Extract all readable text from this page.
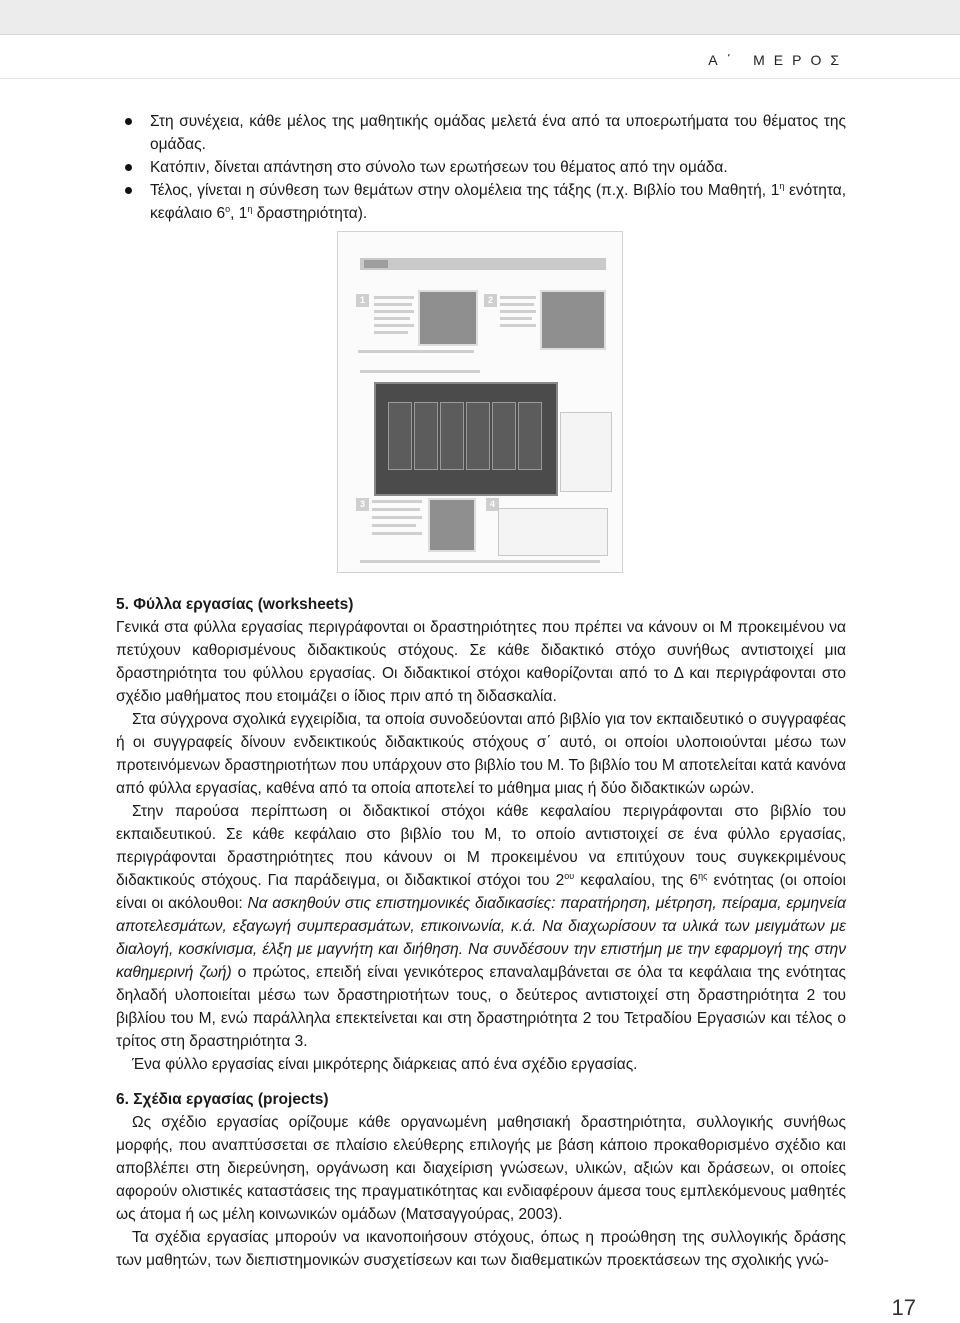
Α΄ ΜΕΡΟΣ
Στη συνέχεια, κάθε μέλος της μαθητικής ομάδας μελετά ένα από τα υποερωτήματα του θέματος της ομάδας.
Κατόπιν, δίνεται απάντηση στο σύνολο των ερωτήσεων του θέματος από την ομάδα.
Τέλος, γίνεται η σύνθεση των θεμάτων στην ολομέλεια της τάξης (π.χ. Βιβλίο του Μαθητή, $1^\eta$ ενότητα, κεφάλαιο $6^o$, $1^\eta$ δραστηριότητα).
1	2
3	4

5. Φύλλα εργασίας (worksheets)

Γενικά στα φύλλα εργασίας περιγράφονται οι δραστηριότητες που πρέπει να κάνουν οι Μ προκειμένου να πετύχουν καθορισμένους διδακτικούς στόχους. Σε κάθε διδακτικό στόχο συνήθως αντιστοιχεί μια δραστηριότητα του φύλλου εργασίας. Οι διδακτικοί στόχοι καθορίζονται από το Δ και περιγράφονται στο σχέδιο μαθήματος που ετοιμάζει ο ίδιος πριν από τη διδασκαλία.

Στα σύγχρονα σχολικά εγχειρίδια, τα οποία συνοδεύονται από βιβλίο για τον εκπαιδευτικό ο συγγραφέας ή οι συγγραφείς δίνουν ενδεικτικούς διδακτικούς στόχους σ΄ αυτό, οι οποίοι υλοποιούνται μέσω των προτεινόμενων δραστηριοτήτων που υπάρχουν στο βιβλίο του Μ. Το βιβλίο του Μ αποτελείται κατά κανόνα από φύλλα εργασίας, καθένα από τα οποία αποτελεί το μάθημα μιας ή δύο διδακτικών ωρών.

Στην παρούσα περίπτωση οι διδακτικοί στόχοι κάθε κεφαλαίου περιγράφονται στο βιβλίο του εκπαιδευτικού. Σε κάθε κεφάλαιο στο βιβλίο του Μ, το οποίο αντιστοιχεί σε ένα φύλλο εργασίας, περιγράφονται δραστηριότητες που κάνουν οι Μ προκειμένου να επιτύχουν τους συγκεκριμένους διδακτικούς στόχους. Για παράδειγμα, οι διδακτικοί στόχοι του $2^{o\upsilon}$ κεφαλαίου, της $6^{\eta\varsigma}$ ενότητας (οι οποίοι είναι οι ακόλουθοι: Να ασκηθούν στις επιστημονικές διαδικασίες: παρατήρηση, μέτρηση, πείραμα, ερμηνεία αποτελεσμάτων, εξαγωγή συμπερασμάτων, επικοινωνία, κ.ά. Να διαχωρίσουν τα υλικά των μειγμάτων με διαλογή, κοσκίνισμα, έλξη με μαγνήτη και διήθηση. Να συνδέσουν την επιστήμη με την εφαρμογή της στην καθημερινή ζωή) ο πρώτος, επειδή είναι γενικότερος επαναλαμβάνεται σε όλα τα κεφάλαια της ενότητας δηλαδή υλοποιείται μέσω των δραστηριοτήτων τους, ο δεύτερος αντιστοιχεί στη δραστηριότητα 2 του βιβλίου του Μ, ενώ παράλληλα επεκτείνεται και στη δραστηριότητα 2 του Τετραδίου Εργασιών και τέλος ο τρίτος στη δραστηριότητα 3.

Ένα φύλλο εργασίας είναι μικρότερης διάρκειας από ένα σχέδιο εργασίας.

6. Σχέδια εργασίας (projects)

Ως σχέδιο εργασίας ορίζουμε κάθε οργανωμένη μαθησιακή δραστηριότητα, συλλογικής συνήθως μορφής, που αναπτύσσεται σε πλαίσιο ελεύθερης επιλογής με βάση κάποιο προκαθορισμένο σχέδιο και αποβλέπει στη διερεύνηση, οργάνωση και διαχείριση γνώσεων, υλικών, αξιών και δράσεων, οι οποίες αφορούν ολιστικές καταστάσεις της πραγματικότητας και ενδιαφέρουν άμεσα τους εμπλεκόμενους μαθητές ως άτομα ή ως μέλη κοινωνικών ομάδων (Ματσαγγούρας, 2003).

Τα σχέδια εργασίας μπορούν να ικανοποιήσουν στόχους, όπως η προώθηση της συλλογικής δράσης των μαθητών, των διεπιστημονικών συσχετίσεων και των διαθεματικών προεκτάσεων της σχολικής γνώ-

17
